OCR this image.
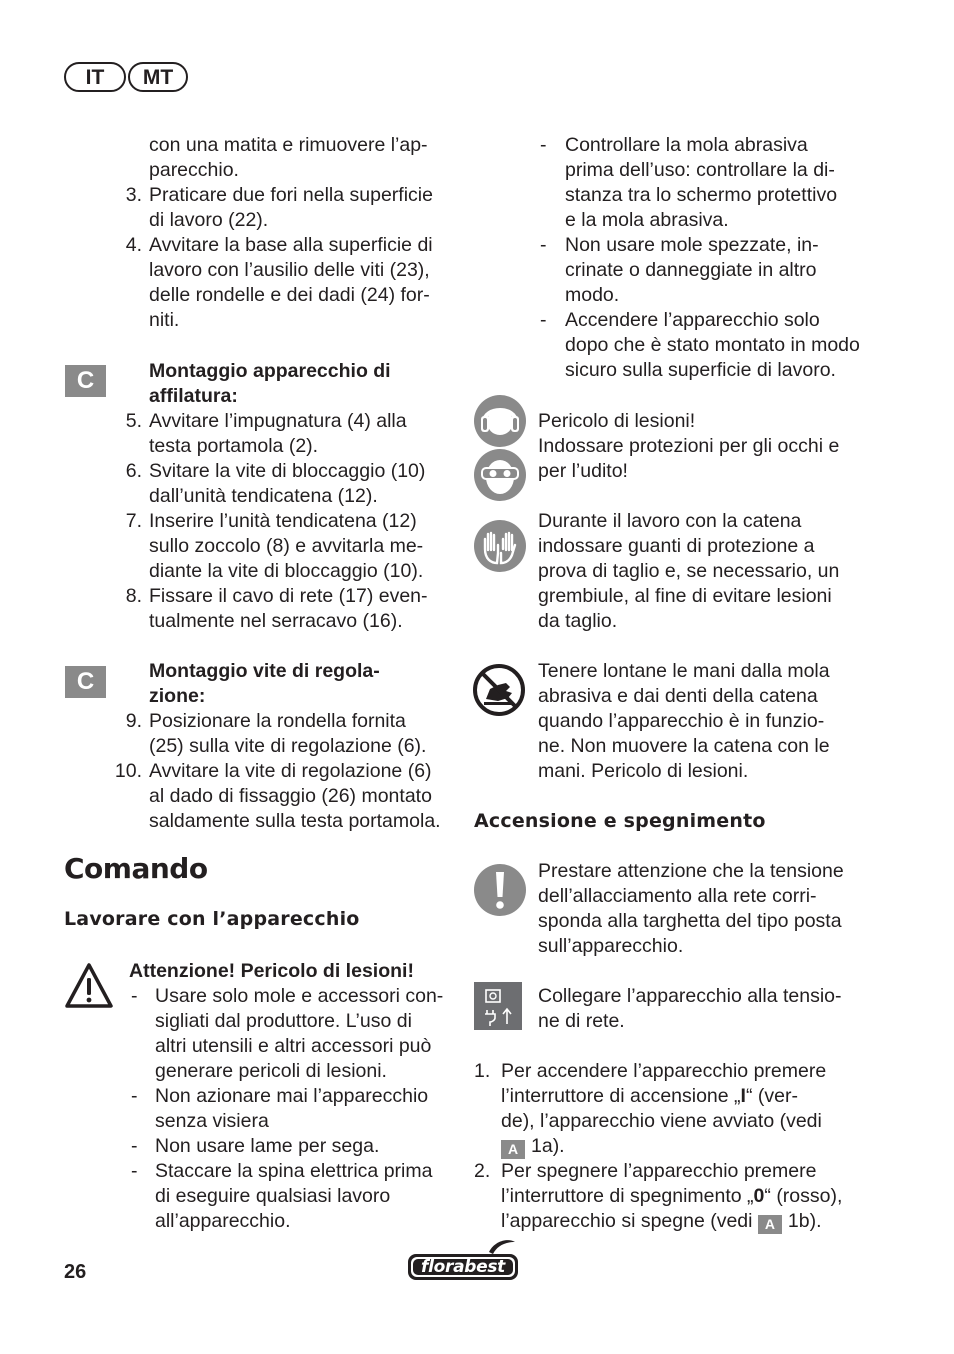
IT	MT
con una matita e rimuovere l’ap-
parecchio.
3. Praticare due fori nella superficie
di lavoro (22).
4. Avvitare la base alla superficie di
lavoro con l’ausilio delle viti (23),
delle rondelle e dei dadi (24) for-
niti.
C	Montaggio apparecchio di
affilatura:
5. Avvitare l’impugnatura (4) alla
testa portamola (2).
6. Svitare la vite di bloccaggio (10)
dall’unità tendicatena (12).
7. Inserire l’unità tendicatena (12)
sullo zoccolo (8) e avvitarla me-
diante la vite di bloccaggio (10).
8. Fissare il cavo di rete (17) even-
tualmente nel serracavo (16).
C	Montaggio vite di regola-
zione:
9. Posizionare la rondella fornita
(25) sulla vite di regolazione (6).
10. Avvitare la vite di regolazione (6)
al dado di fissaggio (26) montato
saldamente sulla testa portamola.
Comando
Lavorare con l’apparecchio
Attenzione! Pericolo di lesioni!
- Usare solo mole e accessori con-
sigliati dal produttore. L’uso di
altri utensili e altri accessori può
generare pericoli di lesioni.
- Non azionare mai l’apparecchio
senza visiera
- Non usare lame per sega.
- Staccare la spina elettrica prima
di eseguire qualsiasi lavoro
all’apparecchio.
- Controllare la mola abrasiva
prima dell’uso: controllare la di-
stanza tra lo schermo protettivo
e la mola abrasiva.
- Non usare mole spezzate, in-
crinate o danneggiate in altro
modo.
- Accendere l’apparecchio solo
dopo che è stato montato in modo
sicuro sulla superficie di lavoro.
Pericolo di lesioni!
Indossare protezioni per gli occhi e
per l’udito!
Durante il lavoro con la catena
indossare guanti di protezione a
prova di taglio e, se necessario, un
grembiule, al fine di evitare lesioni
da taglio.
Tenere lontane le mani dalla mola
abrasiva e dai denti della catena
quando l’apparecchio è in funzio-
ne. Non muovere la catena con le
mani. Pericolo di lesioni.
Accensione e spegnimento
Prestare attenzione che la tensione
dell’allacciamento alla rete corri-
sponda alla targhetta del tipo posta
sull’apparecchio.
Collegare l’apparecchio alla tensio-
ne di rete.
1. Per accendere l’apparecchio premere
l’interruttore di accensione „I“ (ver-
de), l’apparecchio viene avviato (vedi
A 1a).
2. Per spegnere l’apparecchio premere
l’interruttore di spegnimento „0“ (rosso),
l’apparecchio si spegne (vedi A 1b).
26	florabest
